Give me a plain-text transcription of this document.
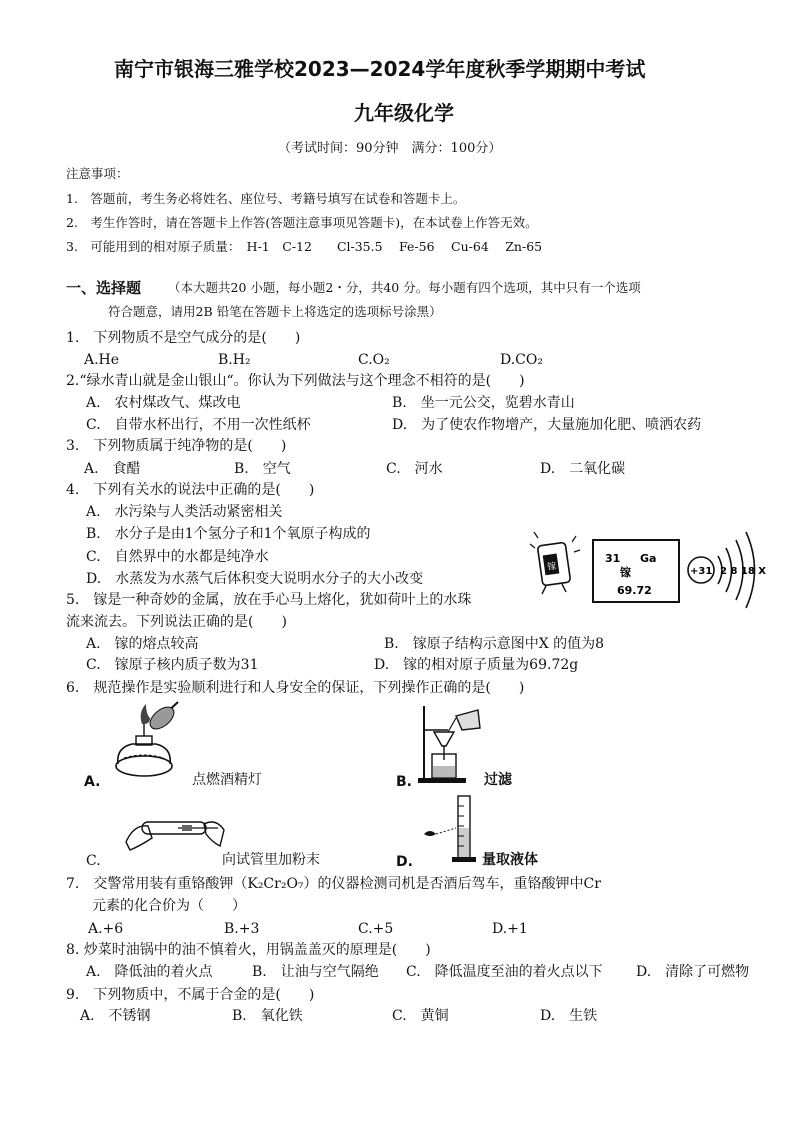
南宁市银海三雅学校2023—2024学年度秋季学期期中考试
九年级化学
（考试时间：90分钟　满分：100分）
注意事项：
1.　答题前，考生务必将姓名、座位号、考籍号填写在试卷和答题卡上。
2.　考生作答时，请在答题卡上作答(答题注意事项见答题卡)，在本试卷上作答无效。
3.　可能用到的相对原子质量：　H-1　C-12　　Cl-35.5　 Fe-56　 Cu-64　 Zn-65
一、选择题 （本大题共20 小题，每小题2・分，共40 分。每小题有四个选项，其中只有一个选项
符合题意，请用2B 铅笔在答题卡上将选定的选项标号涂黑）
1.　下列物质不是空气成分的是(　　)
A.He	B.H₂	C.O₂	D.CO₂
2.“绿水青山就是金山银山“。你认为下列做法与这个理念不相符的是(　　)
A.　农村煤改气、煤改电	B.　坐一元公交，览碧水青山
C.　自带水杯出行，不用一次性纸杯	D.　为了使农作物增产，大量施加化肥、喷洒农药
3.　下列物质属于纯净物的是(　　)
A.　食醋	B.　空气	C.　河水	D.　二氧化碳
4.　下列有关水的说法中正确的是(　　)
A.　水污染与人类活动紧密相关
B.　水分子是由1个氢分子和1个氧原子构成的
C.　自然界中的水都是纯净水
D.　水蒸发为水蒸气后体积变大说明水分子的大小改变
镓
31 Ga
镓
69.72
+31 2 8 18 X
5.　镓是一种奇妙的金属，放在手心马上熔化，犹如荷叶上的水珠
流来流去。下列说法正确的是(　　)
A.　镓的熔点较高	B.　镓原子结构示意图中X 的值为8
C.　镓原子核内质子数为31	D.　镓的相对原子质量为69.72g
6.　规范操作是实验顺利进行和人身安全的保证，下列操作正确的是(　　)
A.	点燃酒精灯	B.	过滤
C.	向试管里加粉末	D.	量取液体
7.　交警常用装有重铬酸钾（K₂Cr₂O₇）的仪器检测司机是否酒后驾车，重铬酸钾中Cr
元素的化合价为（　　）
A.+6	B.+3	C.+5	D.+1
8. 炒菜时油锅中的油不慎着火，用锅盖盖灭的原理是(　　)
A.　降低油的着火点	B.　让油与空气隔绝 C.　降低温度至油的着火点以下 D.　清除了可燃物
9.　下列物质中，不属于合金的是(　　)
A.　不锈钢	B.　氧化铁	C.　黄铜	D.　生铁
